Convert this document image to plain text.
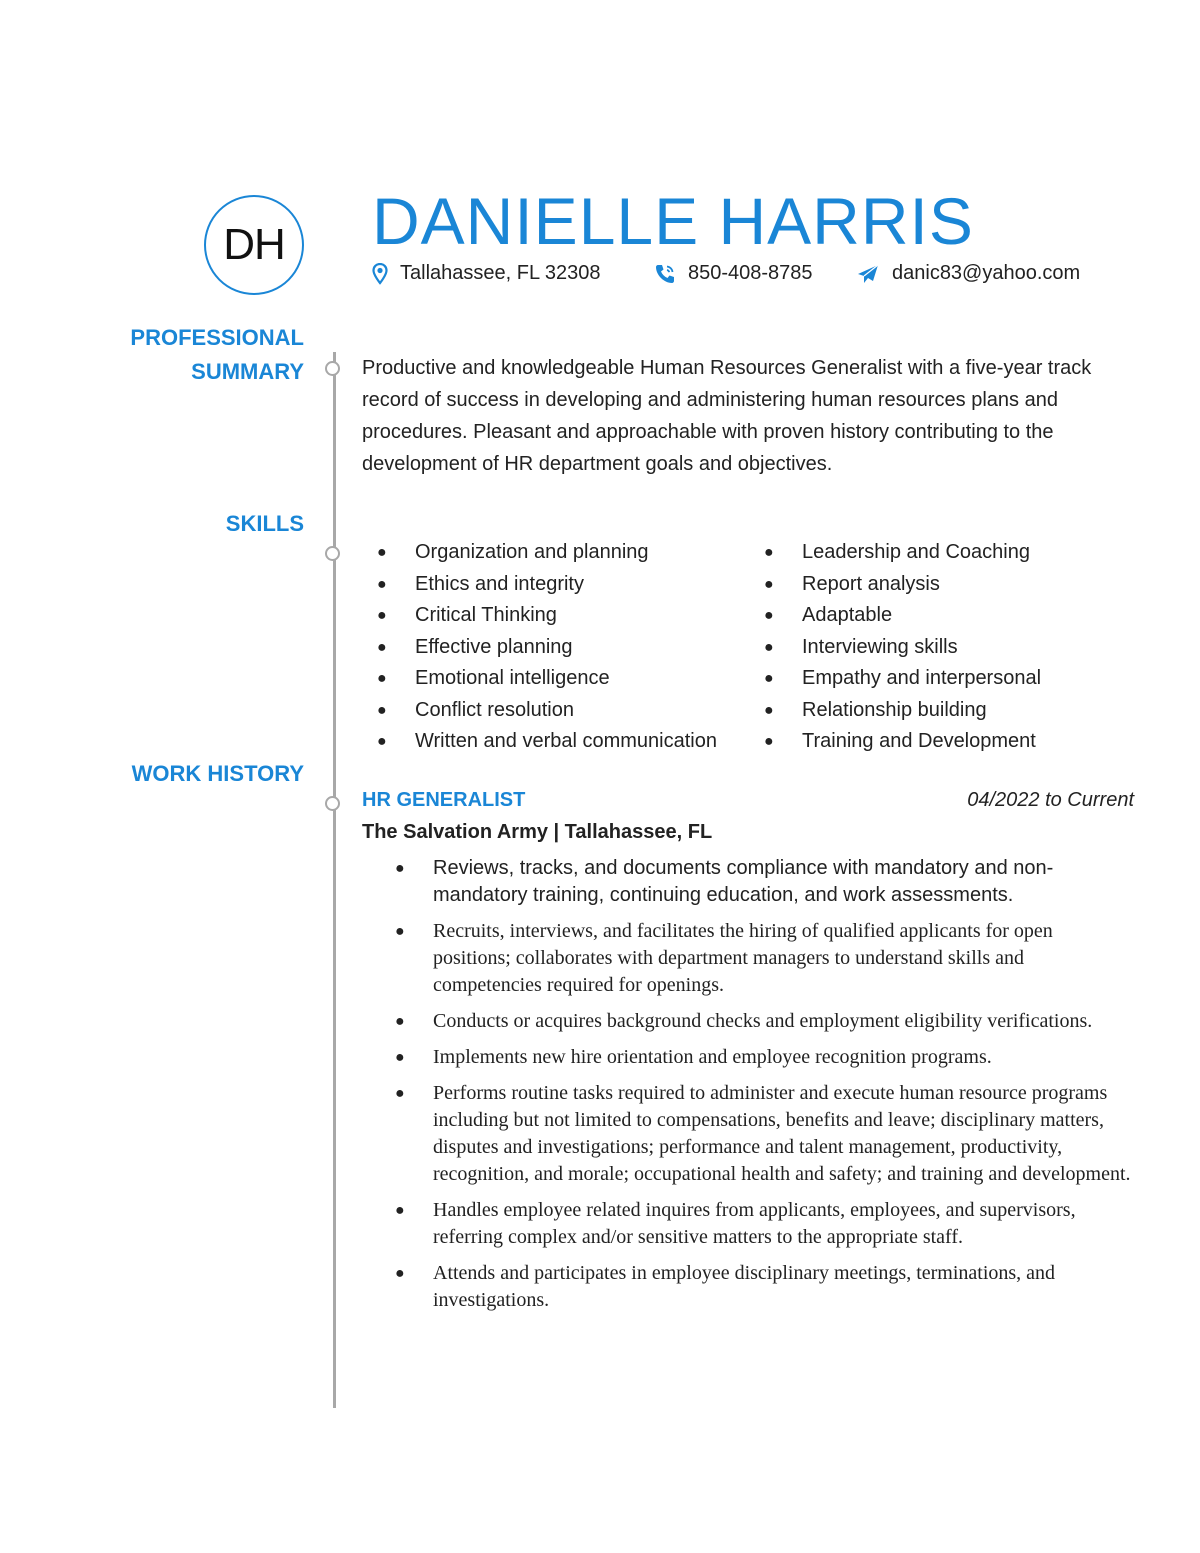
DH DANIELLE HARRIS
Tallahassee, FL 32308	850-408-8785	danic83@yahoo.com
PROFESSIONAL
SUMMARY
SKILLS
WORK HISTORY

Productive and knowledgeable Human Resources Generalist with a five-year track record of success in developing and administering human resources plans and procedures. Pleasant and approachable with proven history contributing to the development of HR department goals and objectives.

● Organization and planning
● Ethics and integrity
● Critical Thinking
● Effective planning
● Emotional intelligence
● Conflict resolution
● Written and verbal communication
● Leadership and Coaching
● Report analysis
● Adaptable
● Interviewing skills
● Empathy and interpersonal
● Relationship building
● Training and Development
HR GENERALIST	04/2022 to Current
The Salvation Army | Tallahassee, FL
● Reviews, tracks, and documents compliance with mandatory and non-mandatory training, continuing education, and work assessments.
● Recruits, interviews, and facilitates the hiring of qualified applicants for open positions; collaborates with department managers to understand skills and competencies required for openings.
● Conducts or acquires background checks and employment eligibility verifications.
● Implements new hire orientation and employee recognition programs.
● Performs routine tasks required to administer and execute human resource programs including but not limited to compensations, benefits and leave; disciplinary matters, disputes and investigations; performance and talent management, productivity, recognition, and morale; occupational health and safety; and training and development.
● Handles employee related inquires from applicants, employees, and supervisors, referring complex and/or sensitive matters to the appropriate staff.
● Attends and participates in employee disciplinary meetings, terminations, and investigations.
